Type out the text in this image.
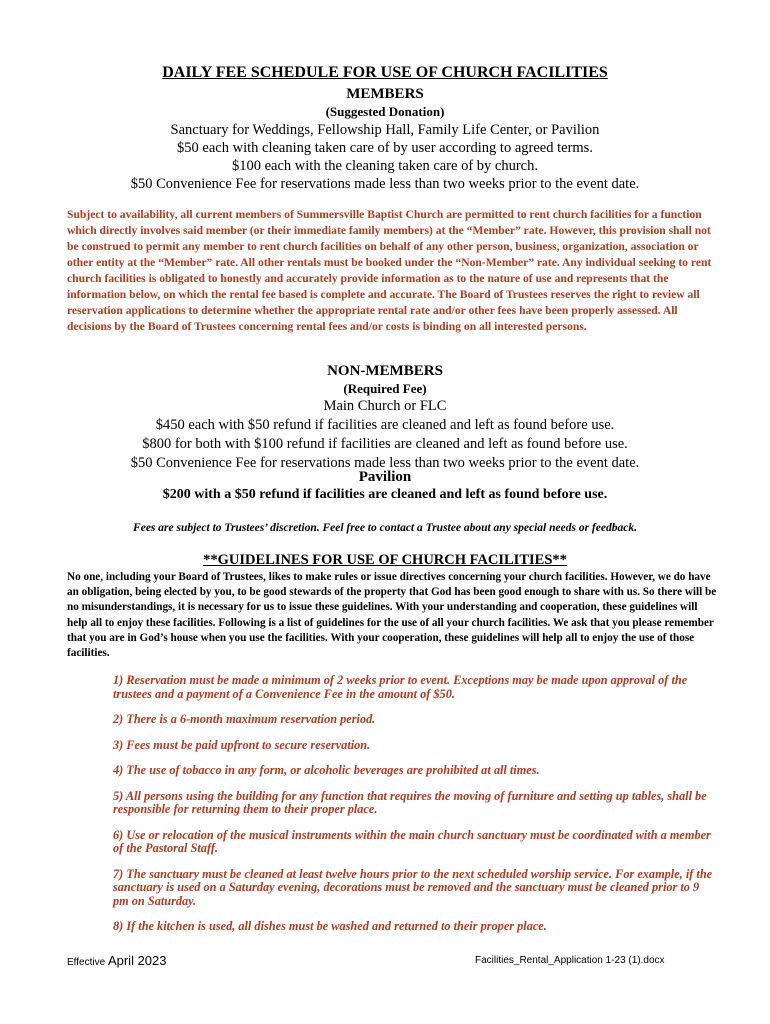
DAILY FEE SCHEDULE FOR USE OF CHURCH FACILITIES
MEMBERS
(Suggested Donation)
Sanctuary for Weddings, Fellowship Hall, Family Life Center, or Pavilion
$50 each with cleaning taken care of by user according to agreed terms.
$100 each with the cleaning taken care of by church.
$50 Convenience Fee for reservations made less than two weeks prior to the event date.
Subject to availability, all current members of Summersville Baptist Church are permitted to rent church facilities for a function which directly involves said member (or their immediate family members) at the “Member” rate. However, this provision shall not be construed to permit any member to rent church facilities on behalf of any other person, business, organization, association or other entity at the “Member” rate. All other rentals must be booked under the “Non-Member” rate. Any individual seeking to rent church facilities is obligated to honestly and accurately provide information as to the nature of use and represents that the information below, on which the rental fee based is complete and accurate. The Board of Trustees reserves the right to review all reservation applications to determine whether the appropriate rental rate and/or other fees have been properly assessed. All decisions by the Board of Trustees concerning rental fees and/or costs is binding on all interested persons.
NON-MEMBERS
(Required Fee)
Main Church or FLC
$450 each with $50 refund if facilities are cleaned and left as found before use.
$800 for both with $100 refund if facilities are cleaned and left as found before use.
$50 Convenience Fee for reservations made less than two weeks prior to the event date.
Pavilion
$200 with a $50 refund if facilities are cleaned and left as found before use.
Fees are subject to Trustees’ discretion. Feel free to contact a Trustee about any special needs or feedback.
**GUIDELINES FOR USE OF CHURCH FACILITIES**
No one, including your Board of Trustees, likes to make rules or issue directives concerning your church facilities. However, we do have an obligation, being elected by you, to be good stewards of the property that God has been good enough to share with us. So there will be no misunderstandings, it is necessary for us to issue these guidelines. With your understanding and cooperation, these guidelines will help all to enjoy these facilities. Following is a list of guidelines for the use of all your church facilities. We ask that you please remember that you are in God’s house when you use the facilities. With your cooperation, these guidelines will help all to enjoy the use of those facilities.

1) Reservation must be made a minimum of 2 weeks prior to event. Exceptions may be made upon approval of the trustees and a payment of a Convenience Fee in the amount of $50.

2) There is a 6-month maximum reservation period.

3) Fees must be paid upfront to secure reservation.

4) The use of tobacco in any form, or alcoholic beverages are prohibited at all times.

5) All persons using the building for any function that requires the moving of furniture and setting up tables, shall be responsible for returning them to their proper place.

6) Use or relocation of the musical instruments within the main church sanctuary must be coordinated with a member of the Pastoral Staff.

7) The sanctuary must be cleaned at least twelve hours prior to the next scheduled worship service. For example, if the sanctuary is used on a Saturday evening, decorations must be removed and the sanctuary must be cleaned prior to 9 pm on Saturday.

8) If the kitchen is used, all dishes must be washed and returned to their proper place.

Effective April 2023	Facilities_Rental_Application 1-23 (1).docx
